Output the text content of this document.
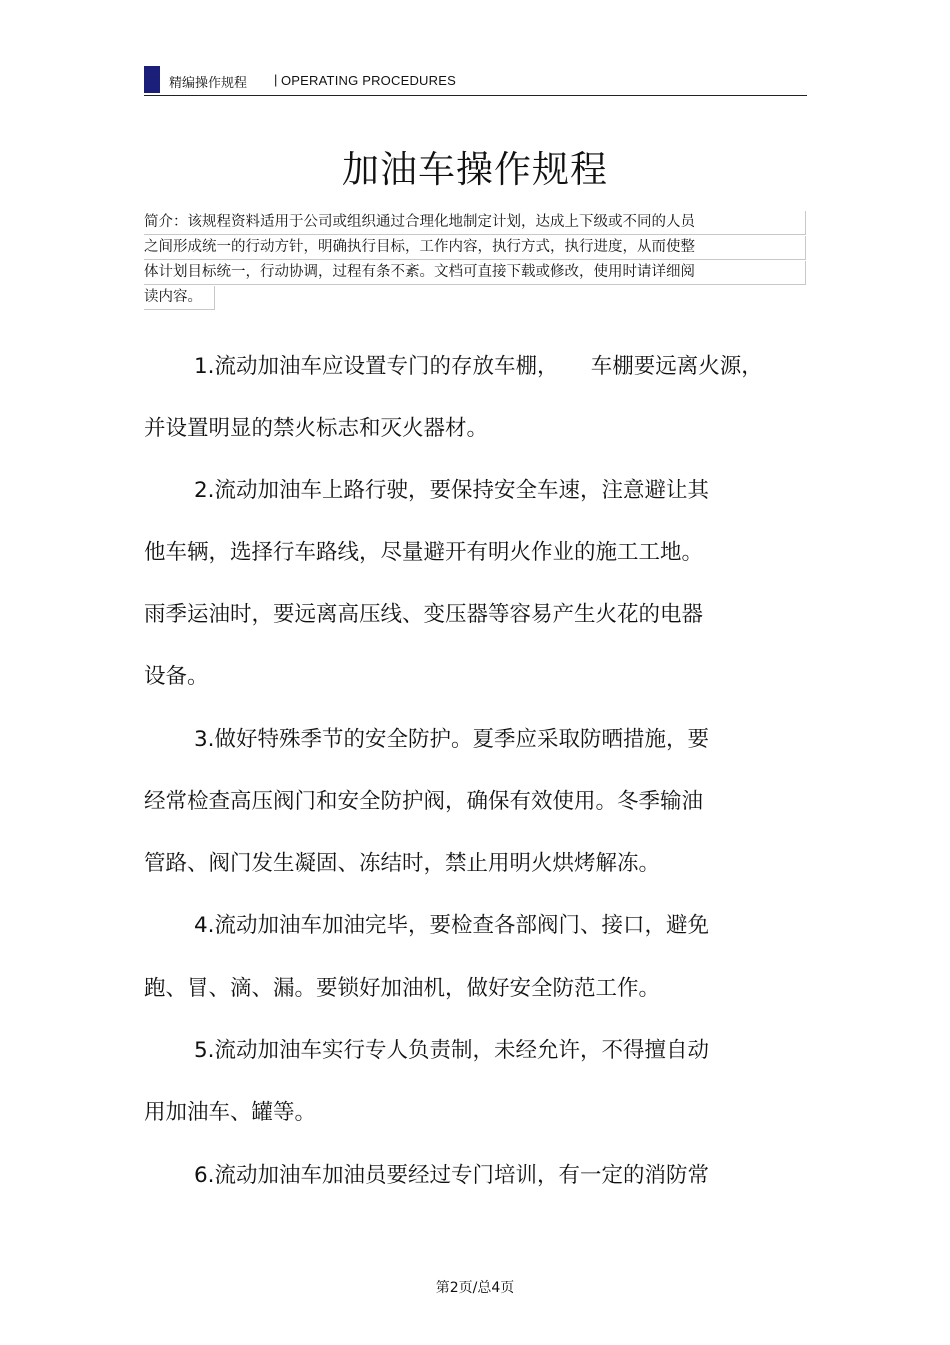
精编操作规程 | OPERATING PROCEDURES
加油车操作规程
简介：该规程资料适用于公司或组织通过合理化地制定计划，达成上下级或不同的人员
之间形成统一的行动方针，明确执行目标，工作内容，执行方式，执行进度，从而使整
体计划目标统一，行动协调，过程有条不紊。文档可直接下载或修改，使用时请详细阅
读内容。
1.流动加油车应设置专门的存放车棚，　　车棚要远离火源，
并设置明显的禁火标志和灭火器材。
2.流动加油车上路行驶，要保持安全车速，注意避让其
他车辆，选择行车路线，尽量避开有明火作业的施工工地。
雨季运油时，要远离高压线、变压器等容易产生火花的电器
设备。
3.做好特殊季节的安全防护。夏季应采取防晒措施，要
经常检查高压阀门和安全防护阀，确保有效使用。冬季输油
管路、阀门发生凝固、冻结时，禁止用明火烘烤解冻。
4.流动加油车加油完毕，要检查各部阀门、接口，避免
跑、冒、滴、漏。要锁好加油机，做好安全防范工作。
5.流动加油车实行专人负责制，未经允许，不得擅自动
用加油车、罐等。
6.流动加油车加油员要经过专门培训，有一定的消防常
第2页/总4页
